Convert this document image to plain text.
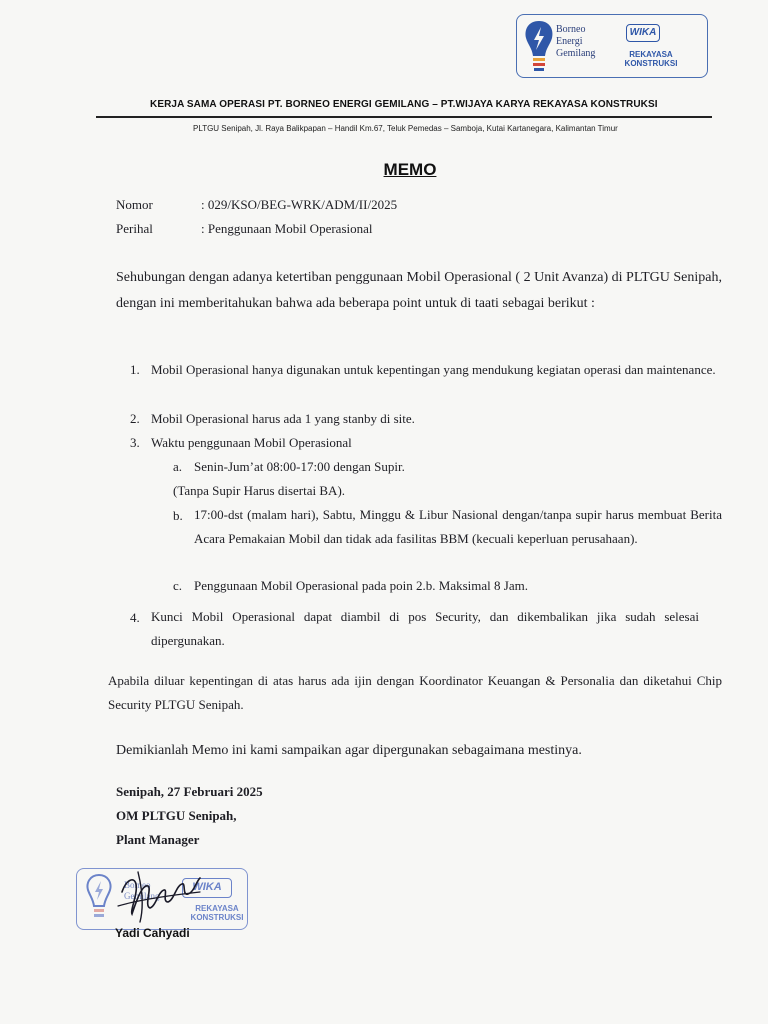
Borneo
Energi
Gemilang
WIKA
REKAYASA
KONSTRUKSI
KERJA SAMA OPERASI PT. BORNEO ENERGI GEMILANG – PT.WIJAYA KARYA REKAYASA KONSTRUKSI
PLTGU Senipah, Jl. Raya Balikpapan – Handil Km.67, Teluk Pemedas – Samboja, Kutai Kartanegara, Kalimantan Timur
MEMO
Nomor	: 029/KSO/BEG-WRK/ADM/II/2025
Perihal	: Penggunaan Mobil Operasional
Sehubungan dengan adanya ketertiban penggunaan Mobil Operasional ( 2 Unit Avanza) di PLTGU Senipah, dengan ini memberitahukan bahwa ada beberapa point untuk di taati sebagai berikut :
1. Mobil Operasional hanya digunakan untuk kepentingan yang mendukung kegiatan operasi dan maintenance.
2. Mobil Operasional harus ada 1 yang stanby di site.
3. Waktu penggunaan Mobil Operasional
a. Senin-Jum’at 08:00-17:00 dengan Supir.
(Tanpa Supir Harus disertai BA).
b. 17:00-dst (malam hari), Sabtu, Minggu & Libur Nasional dengan/tanpa supir harus membuat Berita Acara Pemakaian Mobil dan tidak ada fasilitas BBM (kecuali keperluan perusahaan).
c. Penggunaan Mobil Operasional pada poin 2.b. Maksimal 8 Jam.
4. Kunci Mobil Operasional dapat diambil di pos Security, dan dikembalikan jika sudah selesai dipergunakan.
Apabila diluar kepentingan di atas harus ada ijin dengan Koordinator Keuangan & Personalia dan diketahui Chip Security PLTGU Senipah.
Demikianlah Memo ini kami sampaikan agar dipergunakan sebagaimana mestinya.
Senipah, 27 Februari 2025
OM PLTGU Senipah,
Plant Manager
Borneo
Gemilang
WIKA
REKAYASA
KONSTRUKSI
Yadi Cahyadi
